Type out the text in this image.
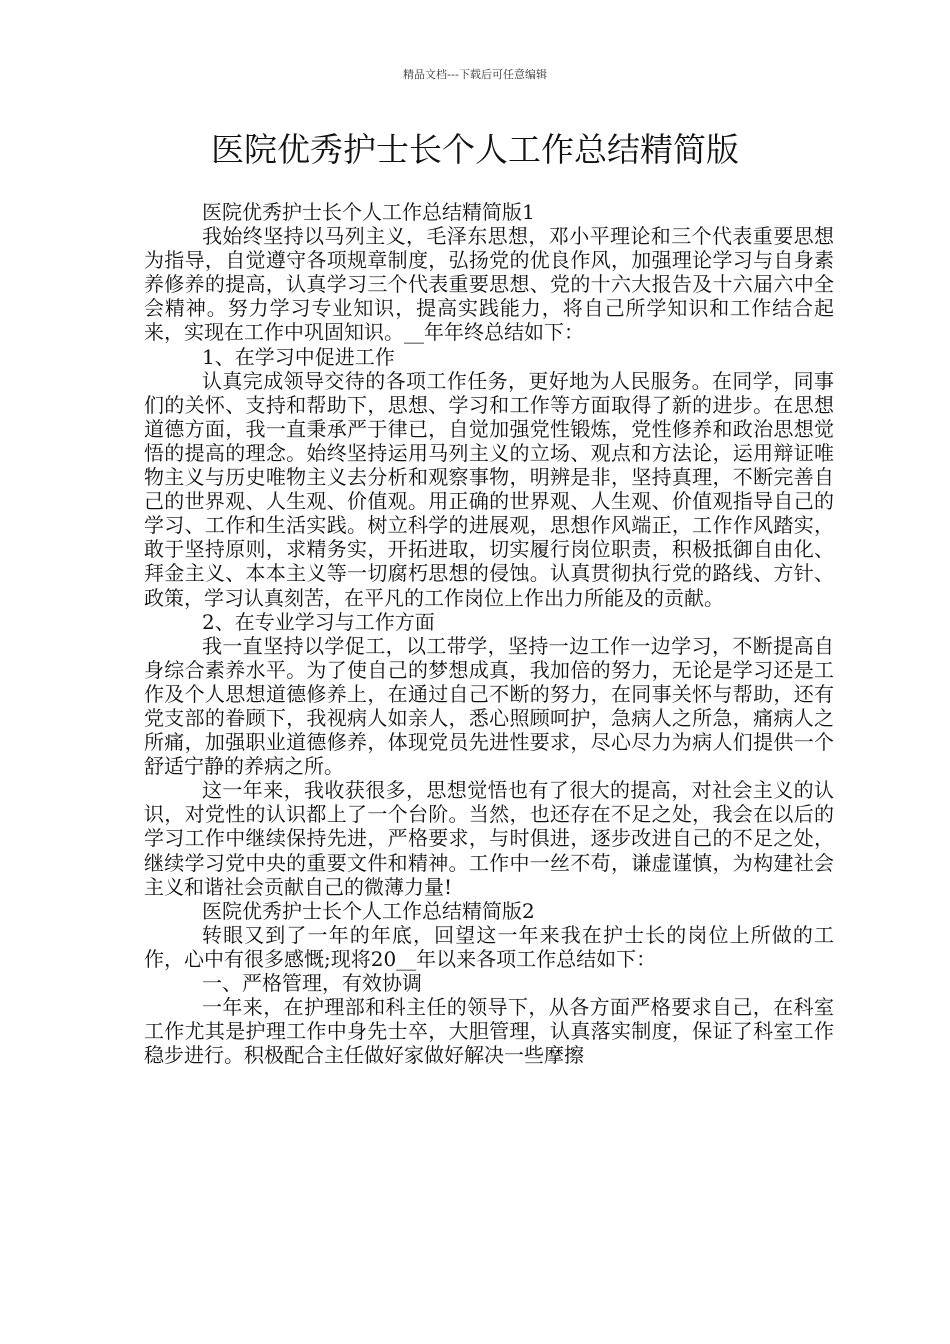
精品文档---下载后可任意编辑
医院优秀护士长个人工作总结精简版

医院优秀护士长个人工作总结精简版1

我始终坚持以马列主义，毛泽东思想，邓小平理论和三个代表重要思想为指导，自觉遵守各项规章制度，弘扬党的优良作风，加强理论学习与自身素养修养的提高，认真学习三个代表重要思想、党的十六大报告及十六届六中全会精神。努力学习专业知识，提高实践能力，将自己所学知识和工作结合起来，实现在工作中巩固知识。__年年终总结如下：

1、在学习中促进工作

认真完成领导交待的各项工作任务，更好地为人民服务。在同学，同事们的关怀、支持和帮助下，思想、学习和工作等方面取得了新的进步。在思想道德方面，我一直秉承严于律已，自觉加强党性锻炼，党性修养和政治思想觉悟的提高的理念。始终坚持运用马列主义的立场、观点和方法论，运用辩证唯物主义与历史唯物主义去分析和观察事物，明辨是非，坚持真理，不断完善自己的世界观、人生观、价值观。用正确的世界观、人生观、价值观指导自己的学习、工作和生活实践。树立科学的进展观，思想作风端正，工作作风踏实，敢于坚持原则，求精务实，开拓进取，切实履行岗位职责，积极抵御自由化、拜金主义、本本主义等一切腐朽思想的侵蚀。认真贯彻执行党的路线、方针、政策，学习认真刻苦，在平凡的工作岗位上作出力所能及的贡献。

2、在专业学习与工作方面

我一直坚持以学促工，以工带学，坚持一边工作一边学习，不断提高自身综合素养水平。为了使自己的梦想成真，我加倍的努力，无论是学习还是工作及个人思想道德修养上，在通过自己不断的努力，在同事关怀与帮助，还有党支部的眷顾下，我视病人如亲人，悉心照顾呵护，急病人之所急，痛病人之所痛，加强职业道德修养，体现党员先进性要求，尽心尽力为病人们提供一个舒适宁静的养病之所。

这一年来，我收获很多，思想觉悟也有了很大的提高，对社会主义的认识，对党性的认识都上了一个台阶。当然，也还存在不足之处，我会在以后的学习工作中继续保持先进，严格要求，与时俱进，逐步改进自己的不足之处，继续学习党中央的重要文件和精神。工作中一丝不苟，谦虚谨慎，为构建社会主义和谐社会贡献自己的微薄力量!

医院优秀护士长个人工作总结精简版2

转眼又到了一年的年底，回望这一年来我在护士长的岗位上所做的工作，心中有很多感慨;现将20__年以来各项工作总结如下：

一、严格管理，有效协调

一年来，在护理部和科主任的领导下，从各方面严格要求自己，在科室工作尤其是护理工作中身先士卒，大胆管理，认真落实制度，保证了科室工作稳步进行。积极配合主任做好家做好解决一些摩擦
